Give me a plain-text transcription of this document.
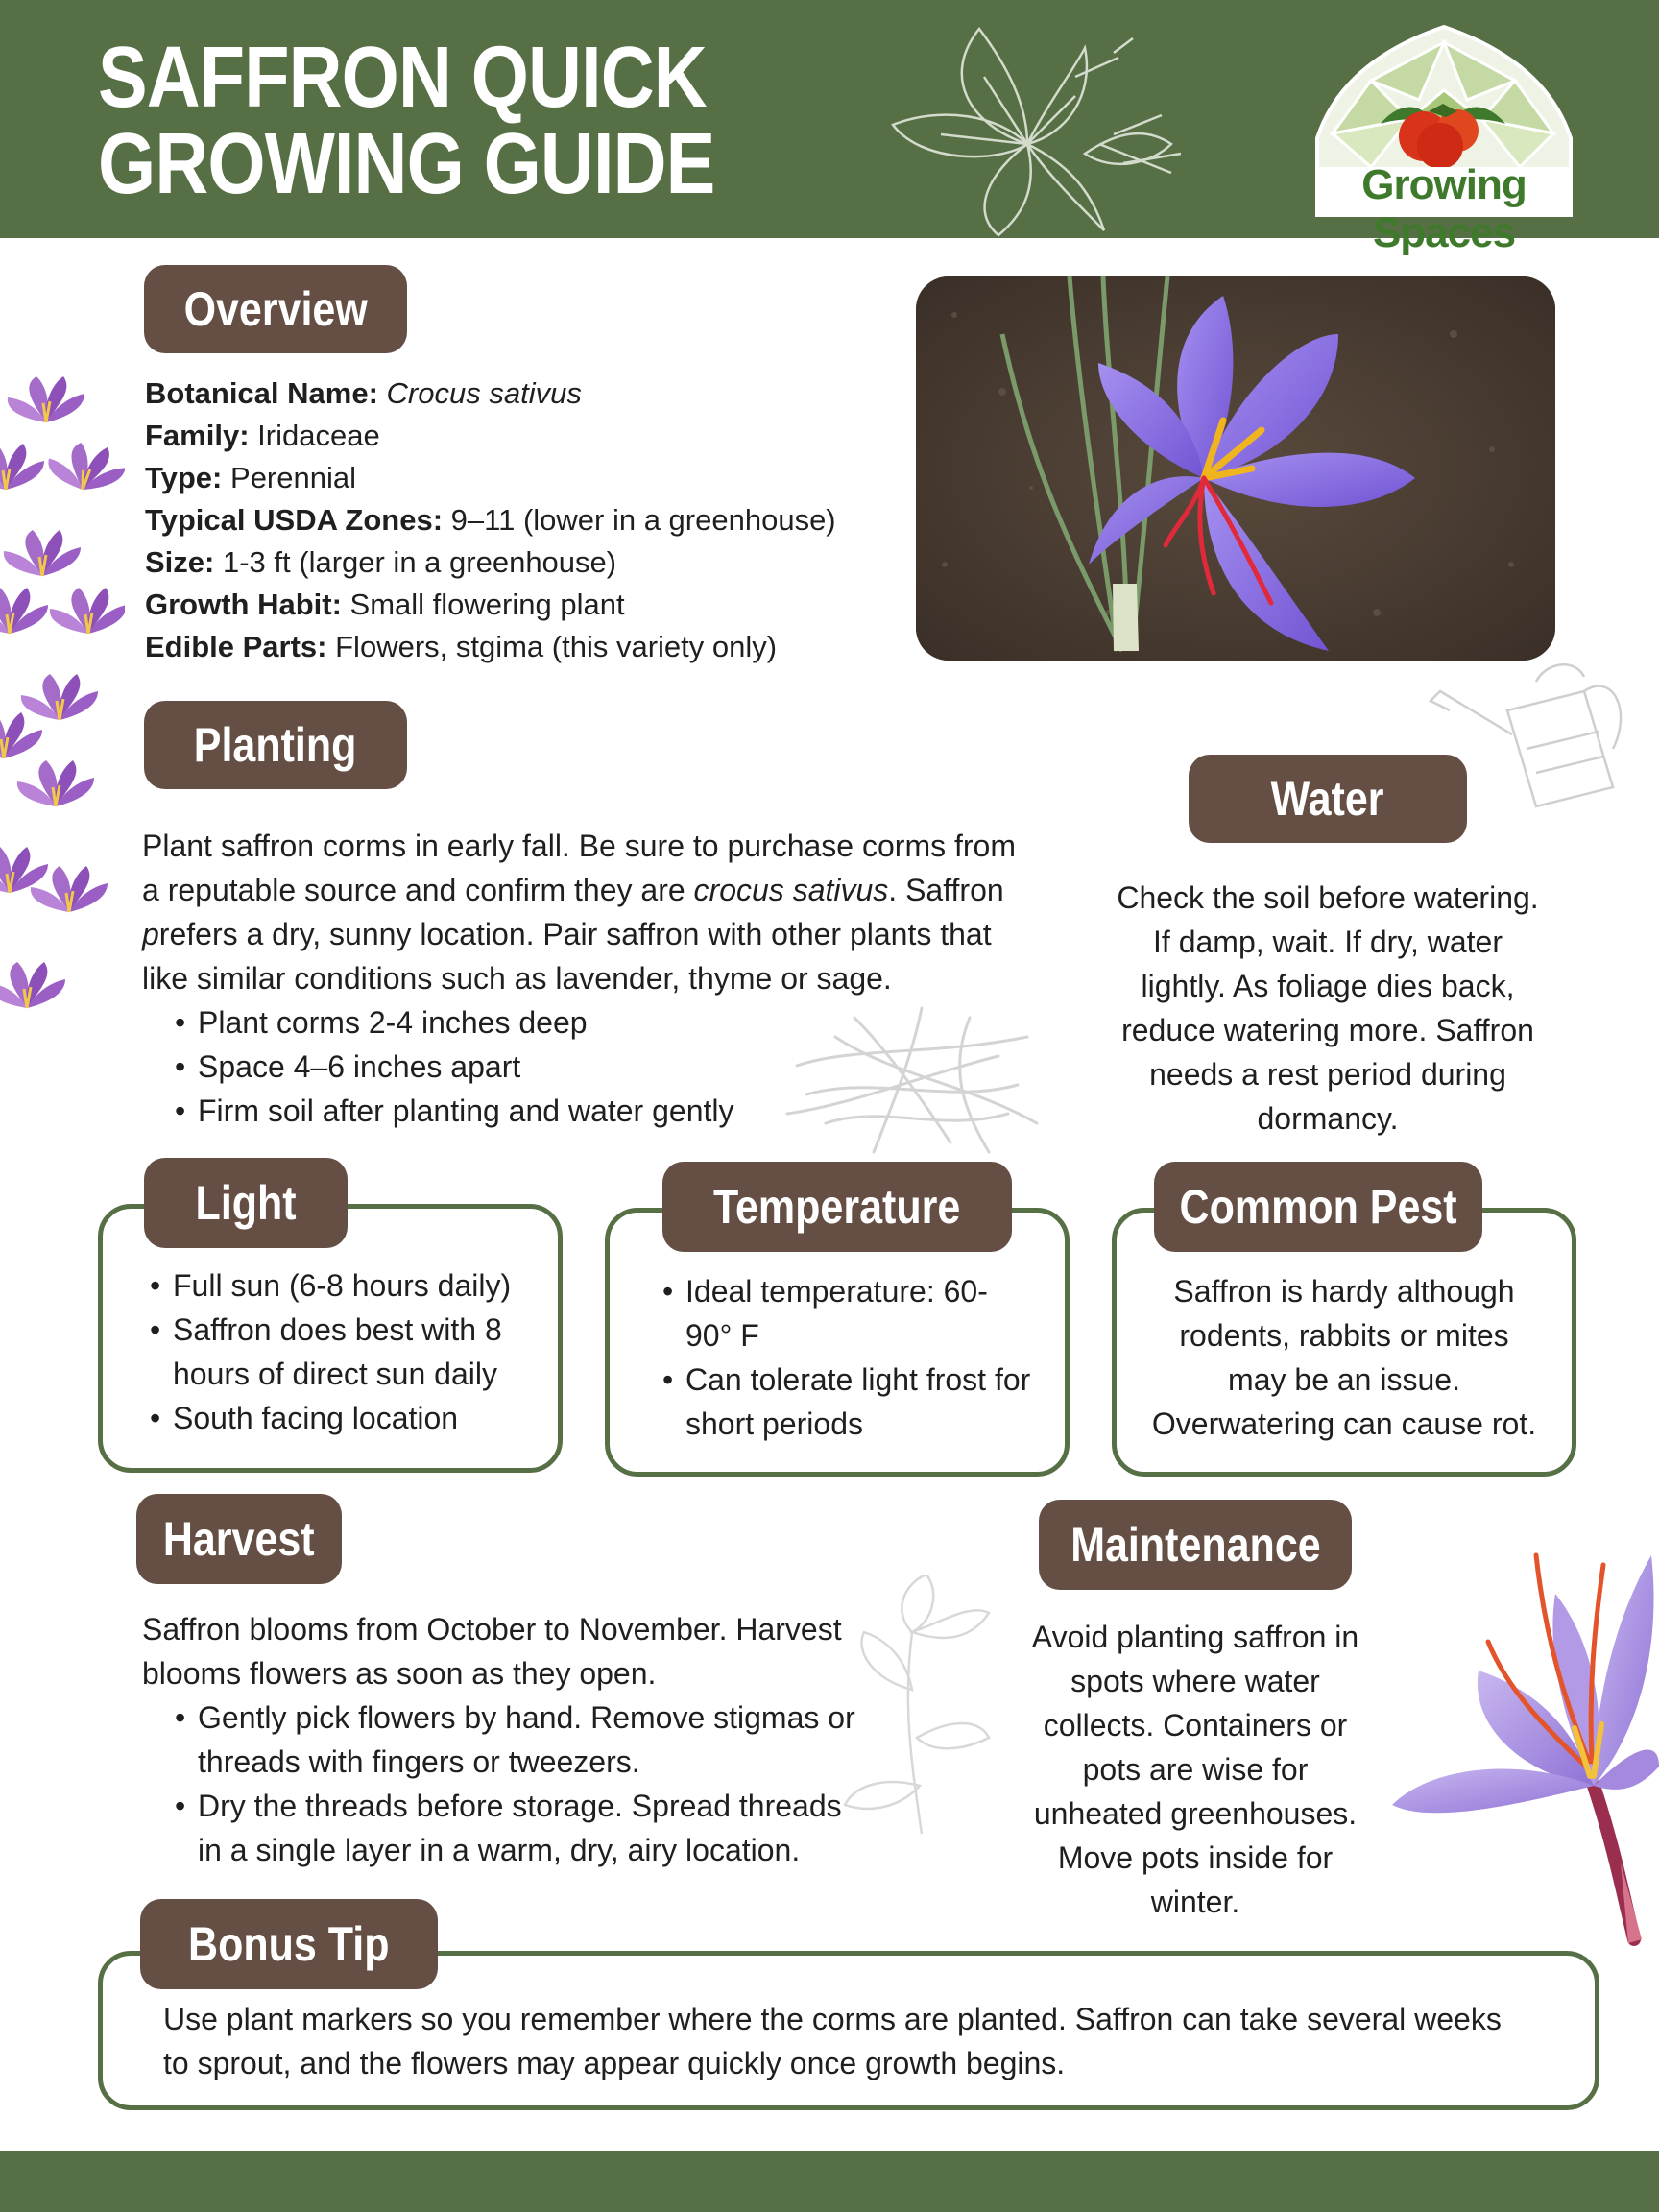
SAFFRON QUICK
GROWING GUIDE	Growing Spaces
Overview
Botanical Name: Crocus sativus
Family: Iridaceae
Type: Perennial
Typical USDA Zones: 9–11 (lower in a greenhouse)
Size: 1-3 ft (larger in a greenhouse)
Growth Habit: Small flowering plant
Edible Parts: Flowers, stgima (this variety only)
Planting
Plant saffron corms in early fall. Be sure to purchase corms from
a reputable source and confirm they are crocus sativus. Saffron
prefers a dry, sunny location. Pair saffron with other plants that
like similar conditions such as lavender, thyme or sage.
• Plant corms 2-4 inches deep
• Space 4–6 inches apart
• Firm soil after planting and water gently
Water
Check the soil before watering.
If damp, wait. If dry, water
lightly. As foliage dies back,
reduce watering more. Saffron
needs a rest period during
dormancy.
Light
• Full sun (6-8 hours daily)
• Saffron does best with 8
hours of direct sun daily
• South facing location
Temperature
• Ideal temperature: 60-
90° F
• Can tolerate light frost for
short periods
Common Pest
Saffron is hardy although
rodents, rabbits or mites
may be an issue.
Overwatering can cause rot.
Harvest
Saffron blooms from October to November. Harvest
blooms flowers as soon as they open.
• Gently pick flowers by hand. Remove stigmas or
threads with fingers or tweezers.
• Dry the threads before storage. Spread threads
in a single layer in a warm, dry, airy location.
Maintenance
Avoid planting saffron in
spots where water
collects. Containers or
pots are wise for
unheated greenhouses.
Move pots inside for
winter.
Bonus Tip
Use plant markers so you remember where the corms are planted. Saffron can take several weeks
to sprout, and the flowers may appear quickly once growth begins.
